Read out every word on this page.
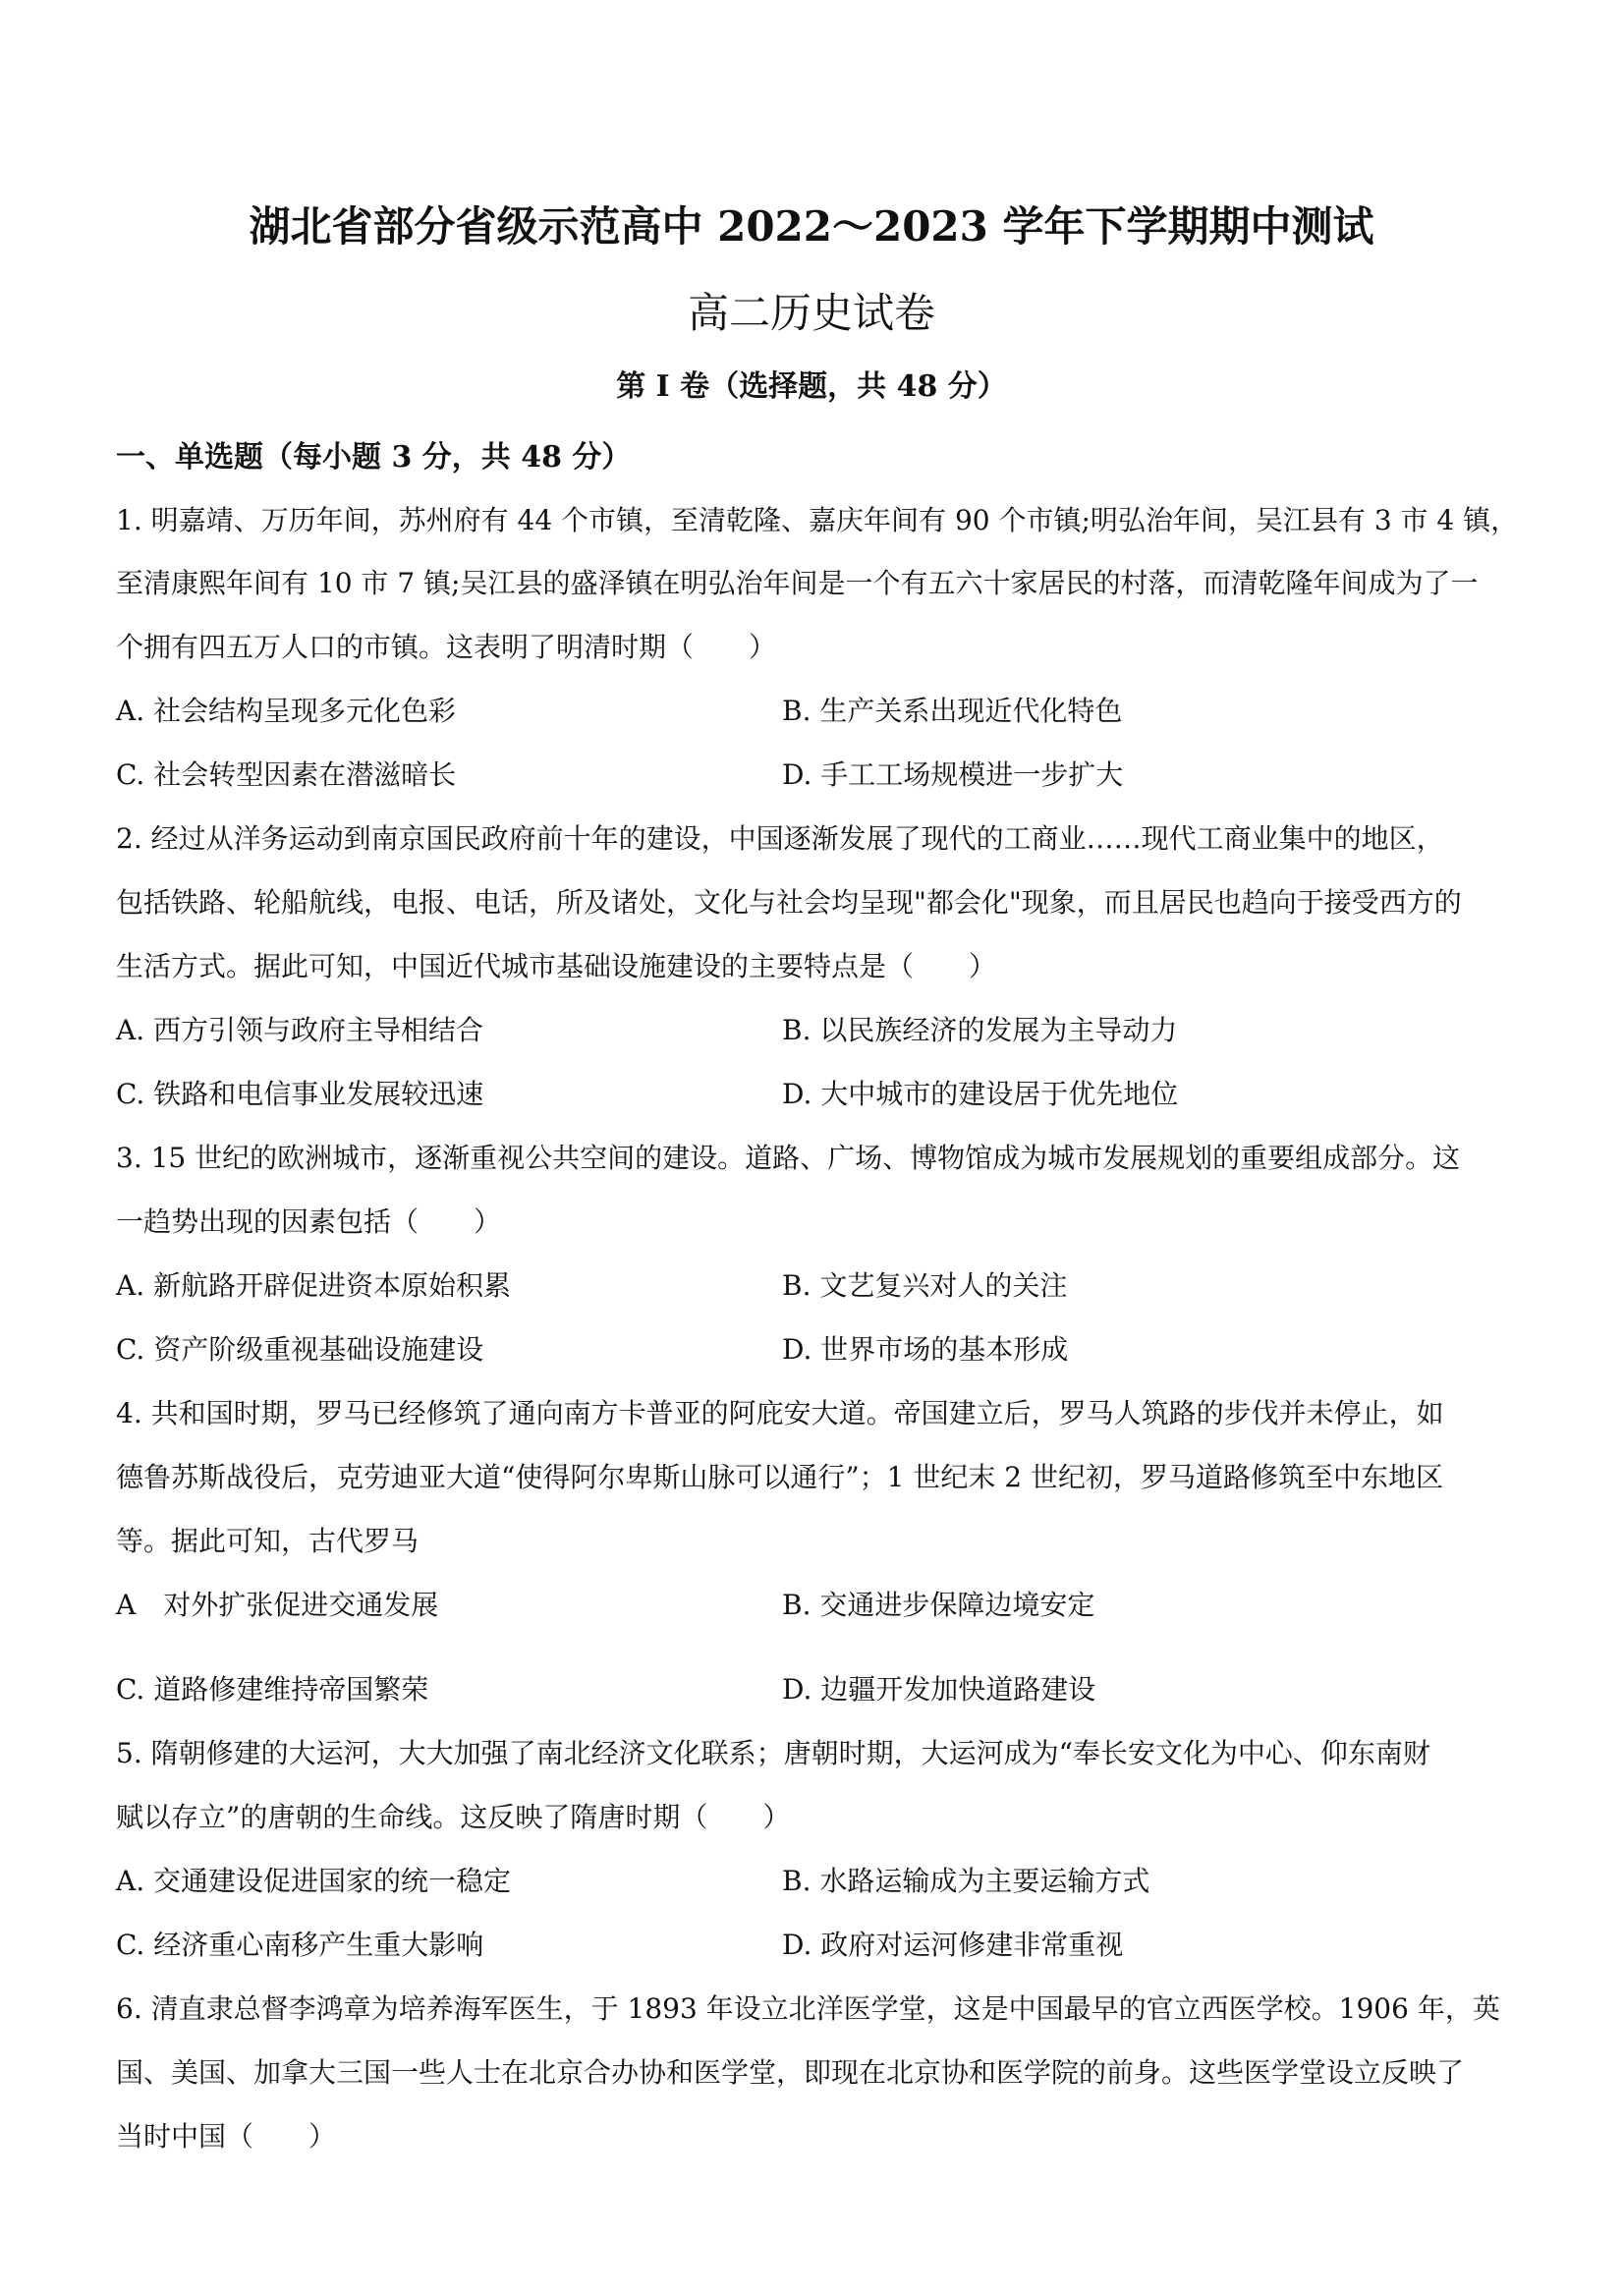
湖北省部分省级示范高中 2022～2023 学年下学期期中测试
高二历史试卷
第 I 卷（选择题，共 48 分）
一、单选题（每小题 3 分，共 48 分）
1. 明嘉靖、万历年间，苏州府有 44 个市镇，至清乾隆、嘉庆年间有 90 个市镇;明弘治年间，吴江县有 3 市 4 镇，
至清康熙年间有 10 市 7 镇;吴江县的盛泽镇在明弘治年间是一个有五六十家居民的村落，而清乾隆年间成为了一
个拥有四五万人口的市镇。这表明了明清时期（　　）
A. 社会结构呈现多元化色彩	B. 生产关系出现近代化特色
C. 社会转型因素在潜滋暗长	D. 手工工场规模进一步扩大
2. 经过从洋务运动到南京国民政府前十年的建设，中国逐渐发展了现代的工商业……现代工商业集中的地区，
包括铁路、轮船航线，电报、电话，所及诸处，文化与社会均呈现"都会化"现象，而且居民也趋向于接受西方的
生活方式。据此可知，中国近代城市基础设施建设的主要特点是（　　）
A. 西方引领与政府主导相结合	B. 以民族经济的发展为主导动力
C. 铁路和电信事业发展较迅速	D. 大中城市的建设居于优先地位
3. 15 世纪的欧洲城市，逐渐重视公共空间的建设。道路、广场、博物馆成为城市发展规划的重要组成部分。这
一趋势出现的因素包括（　　）
A. 新航路开辟促进资本原始积累	B. 文艺复兴对人的关注
C. 资产阶级重视基础设施建设	D. 世界市场的基本形成
4. 共和国时期，罗马已经修筑了通向南方卡普亚的阿庇安大道。帝国建立后，罗马人筑路的步伐并未停止，如
德鲁苏斯战役后，克劳迪亚大道“使得阿尔卑斯山脉可以通行”；1 世纪末 2 世纪初，罗马道路修筑至中东地区
等。据此可知，古代罗马
A　对外扩张促进交通发展	B. 交通进步保障边境安定
C. 道路修建维持帝国繁荣	D. 边疆开发加快道路建设
5. 隋朝修建的大运河，大大加强了南北经济文化联系；唐朝时期，大运河成为“奉长安文化为中心、仰东南财
赋以存立”的唐朝的生命线。这反映了隋唐时期（　　）
A. 交通建设促进国家的统一稳定	B. 水路运输成为主要运输方式
C. 经济重心南移产生重大影响	D. 政府对运河修建非常重视
6. 清直隶总督李鸿章为培养海军医生，于 1893 年设立北洋医学堂，这是中国最早的官立西医学校。1906 年，英
国、美国、加拿大三国一些人士在北京合办协和医学堂，即现在北京协和医学院的前身。这些医学堂设立反映了
当时中国（　　）
